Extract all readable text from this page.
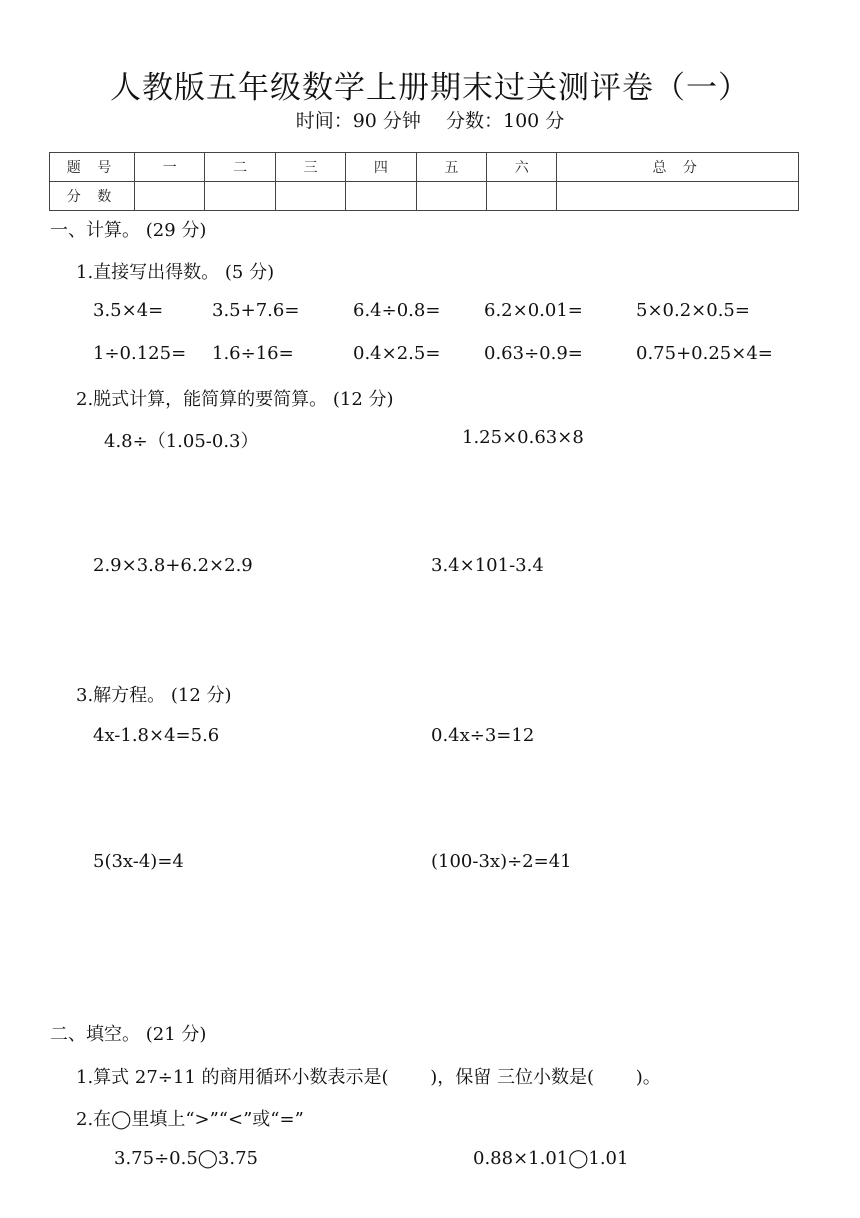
人教版五年级数学上册期末过关测评卷（一）
时间：90 分钟　 分数：100 分
题 号	一	二	三	四	五	六	总 分
分 数							
一、计算。 (29 分)
1.直接写出得数。 (5 分)
3.5×4=	3.5+7.6=	6.4÷0.8= 6.2×0.01=	5×0.2×0.5=
1÷0.125= 1.6÷16=	0.4×2.5= 0.63÷0.9=	0.75+0.25×4=
2.脱式计算，能简算的要简算。 (12 分)
4.8÷（1.05-0.3）	1.25×0.63×8
2.9×3.8+6.2×2.9	3.4×101-3.4
3.解方程。 (12 分)
4x-1.8×4=5.6	0.4x÷3=12
5(3x-4)=4	(100-3x)÷2=41
二、填空。 (21 分)
1.算式 27÷11 的商用循环小数表示是(　　 )，保留 三位小数是(　　 )。
2.在◯里填上“>”“<”或“=”
3.75÷0.5◯3.75	0.88×1.01◯1.01
